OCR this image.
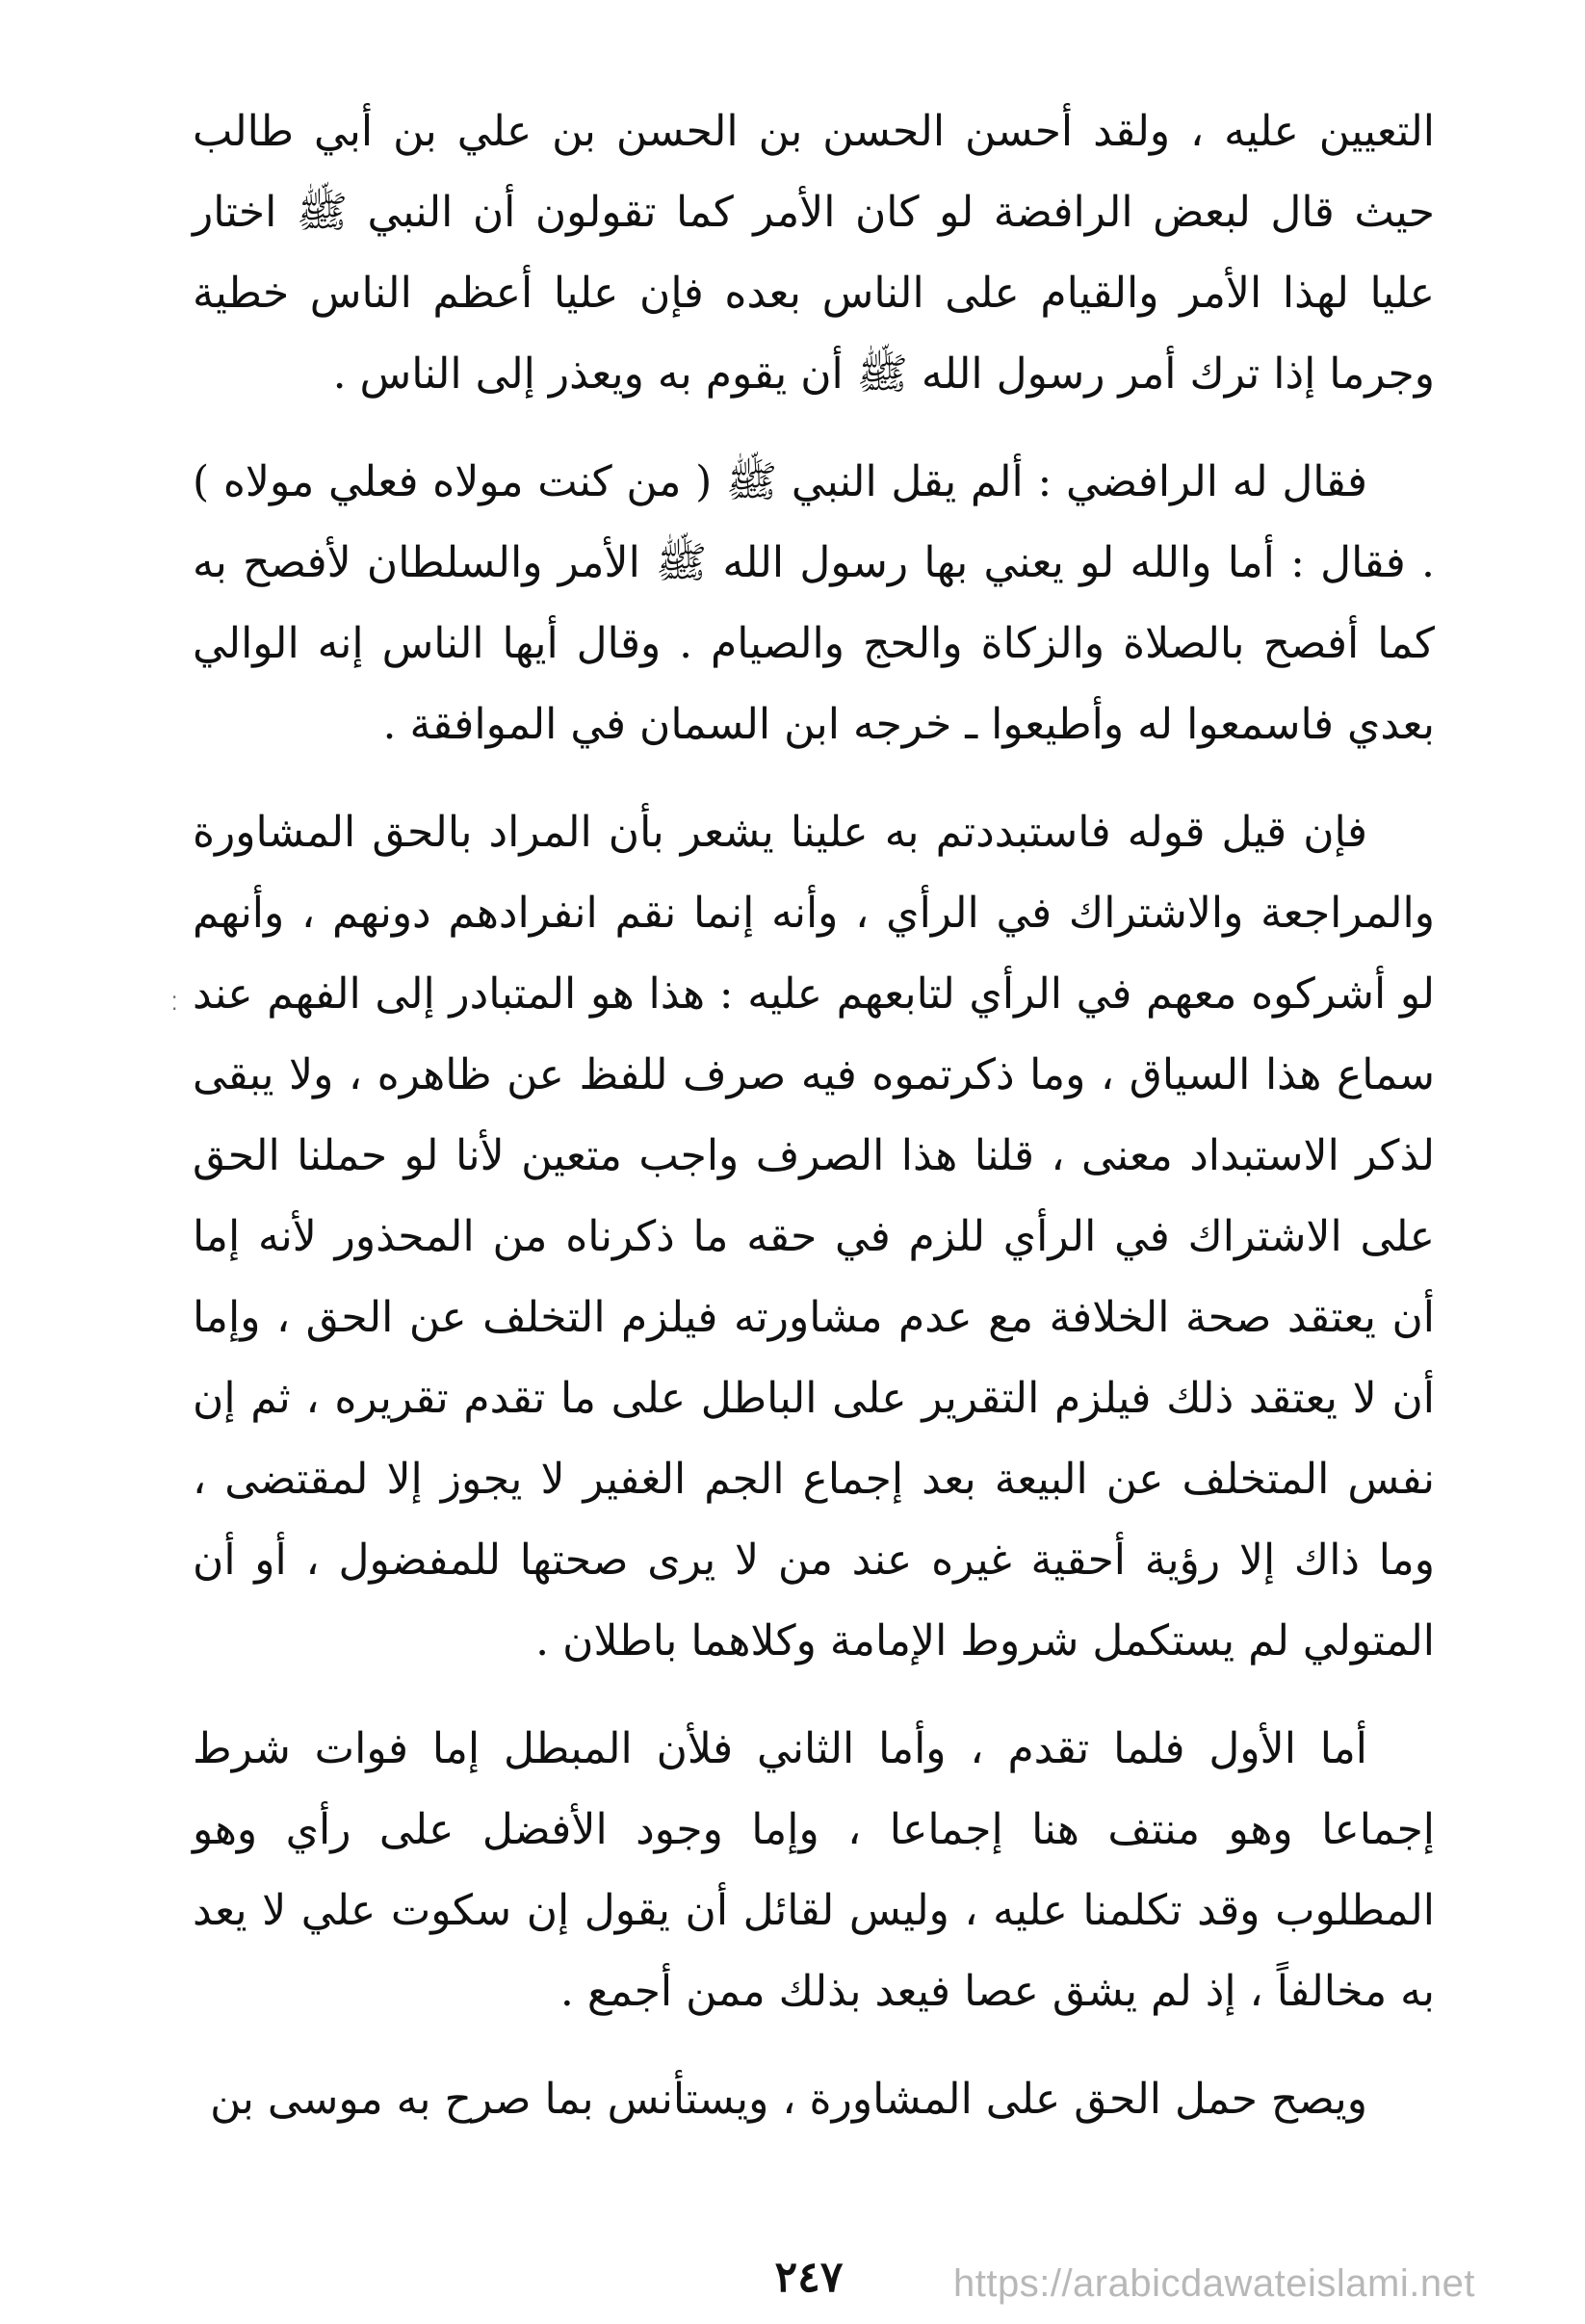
التعيين عليه ، ولقد أحسن الحسن بن الحسن بن علي بن أبي طالب حيث قال لبعض الرافضة لو كان الأمر كما تقولون أن النبي ﷺ اختار عليا لهذا الأمر والقيام على الناس بعده فإن عليا أعظم الناس خطية وجرما إذا ترك أمر رسول الله ﷺ أن يقوم به ويعذر إلى الناس .

فقال له الرافضي : ألم يقل النبي ﷺ ( من كنت مولاه فعلي مولاه ) . فقال : أما والله لو يعني بها رسول الله ﷺ الأمر والسلطان لأفصح به كما أفصح بالصلاة والزكاة والحج والصيام . وقال أيها الناس إنه الوالي بعدي فاسمعوا له وأطيعوا ـ خرجه ابن السمان في الموافقة .

فإن قيل قوله فاستبددتم به علينا يشعر بأن المراد بالحق المشاورة والمراجعة والاشتراك في الرأي ، وأنه إنما نقم انفرادهم دونهم ، وأنهم لو أشركوه معهم في الرأي لتابعهم عليه : هذا هو المتبادر إلى الفهم عند سماع هذا السياق ، وما ذكرتموه فيه صرف للفظ عن ظاهره ، ولا يبقى لذكر الاستبداد معنى ، قلنا هذا الصرف واجب متعين لأنا لو حملنا الحق على الاشتراك في الرأي للزم في حقه ما ذكرناه من المحذور لأنه إما أن يعتقد صحة الخلافة مع عدم مشاورته فيلزم التخلف عن الحق ، وإما أن لا يعتقد ذلك فيلزم التقرير على الباطل على ما تقدم تقريره ، ثم إن نفس المتخلف عن البيعة بعد إجماع الجم الغفير لا يجوز إلا لمقتضى ، وما ذاك إلا رؤية أحقية غيره عند من لا يرى صحتها للمفضول ، أو أن المتولي لم يستكمل شروط الإمامة وكلاهما باطلان .

أما الأول فلما تقدم ، وأما الثاني فلأن المبطل إما فوات شرط إجماعا وهو منتف هنا إجماعا ، وإما وجود الأفضل على رأي وهو المطلوب وقد تكلمنا عليه ، وليس لقائل أن يقول إن سكوت علي لا يعد به مخالفاً ، إذ لم يشق عصا فيعد بذلك ممن أجمع .

ويصح حمل الحق على المشاورة ، ويستأنس بما صرح به موسى بن

⁚
٢٤٧	https://arabicdawateislami.net
